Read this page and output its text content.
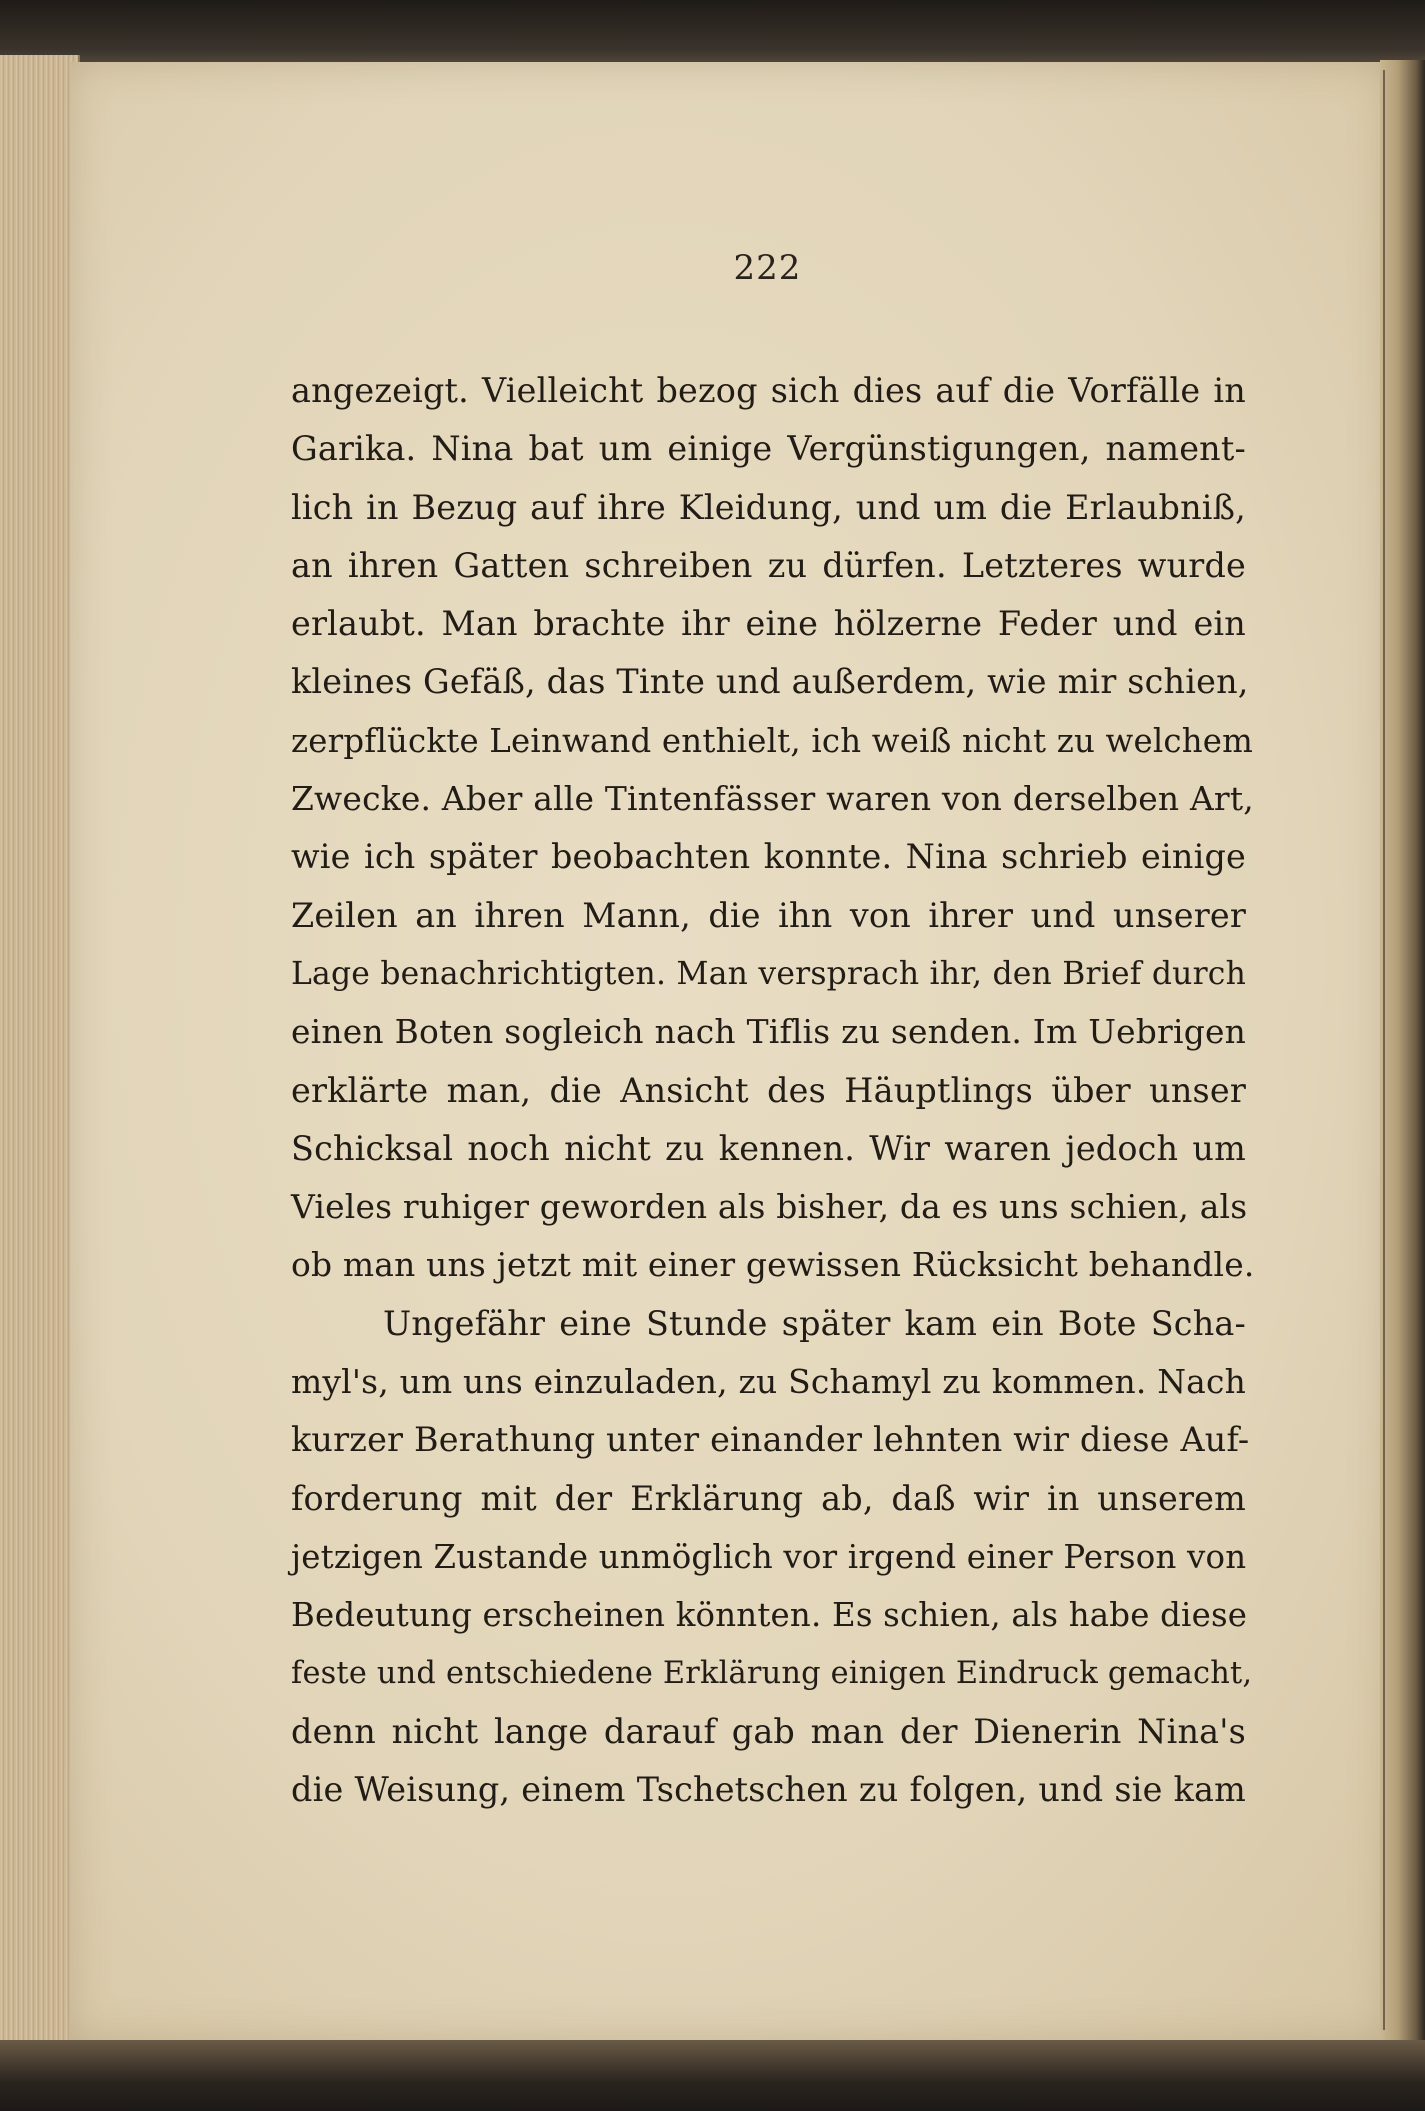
222
angezeigt. Vielleicht bezog sich dies auf die Vorfälle in
Garika. Nina bat um einige Vergünstigungen, nament-
lich in Bezug auf ihre Kleidung, und um die Erlaubniß,
an ihren Gatten schreiben zu dürfen. Letzteres wurde
erlaubt. Man brachte ihr eine hölzerne Feder und ein
kleines Gefäß, das Tinte und außerdem, wie mir schien,
zerpflückte Leinwand enthielt, ich weiß nicht zu welchem
Zwecke. Aber alle Tintenfässer waren von derselben Art,
wie ich später beobachten konnte. Nina schrieb einige
Zeilen an ihren Mann, die ihn von ihrer und unserer
Lage benachrichtigten. Man versprach ihr, den Brief durch
einen Boten sogleich nach Tiflis zu senden. Im Uebrigen
erklärte man, die Ansicht des Häuptlings über unser
Schicksal noch nicht zu kennen. Wir waren jedoch um
Vieles ruhiger geworden als bisher, da es uns schien, als
ob man uns jetzt mit einer gewissen Rücksicht behandle.
Ungefähr eine Stunde später kam ein Bote Scha-
myl's, um uns einzuladen, zu Schamyl zu kommen. Nach
kurzer Berathung unter einander lehnten wir diese Auf-
forderung mit der Erklärung ab, daß wir in unserem
jetzigen Zustande unmöglich vor irgend einer Person von
Bedeutung erscheinen könnten. Es schien, als habe diese
feste und entschiedene Erklärung einigen Eindruck gemacht,
denn nicht lange darauf gab man der Dienerin Nina's
die Weisung, einem Tschetschen zu folgen, und sie kam
